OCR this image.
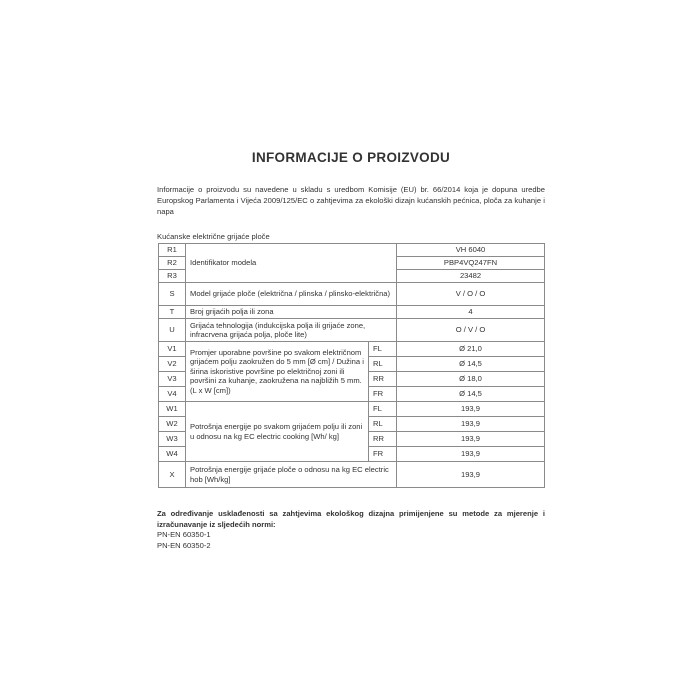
INFORMACIJE O PROIZVODU

Informacije o proizvodu su navedene u skladu s uredbom Komisije (EU) br. 66/2014 koja je dopuna uredbe Europskog Parlamenta i Vijeća 2009/125/EC o zahtjevima za ekološki dizajn kućanskih pećnica, ploča za kuhanje i napa

Kućanske električne grijaće ploče
R1	Identifikator modela		VH 6040
R2			PBP4VQ247FN
R3			23482
S	Model grijaće ploče (električna / plinska / plinsko-električna)		V / O / O
T	Broj grijaćih polja ili zona		4
U	Grijaća tehnologija (indukcijska polja ili grijaće zone, infracrvena grijaća polja, ploče lite)		O / V / O
V1	Promjer uporabne površine po svakom električnom grijaćem polju zaokružen do 5 mm [Ø cm] / Dužina i širina iskoristive površine po električnoj zoni ili površini za kuhanje, zaokružena na najbližih 5 mm. (L x W [cm])	FL	Ø 21,0
V2		RL	Ø 14,5
V3		RR	Ø 18,0
V4		FR	Ø 14,5
W1	Potrošnja energije po svakom grijaćem polju ili zoni u odnosu na kg EC electric cooking [Wh/ kg]	FL	193,9
W2		RL	193,9
W3		RR	193,9
W4		FR	193,9
X	Potrošnja energije grijaće ploče o odnosu na kg EC electric hob [Wh/kg]		193,9
Za određivanje usklađenosti sa zahtjevima ekološkog dizajna primijenjene su metode za mjerenje i izračunavanje iz sljedećih normi:
PN-EN 60350-1
PN-EN 60350-2
